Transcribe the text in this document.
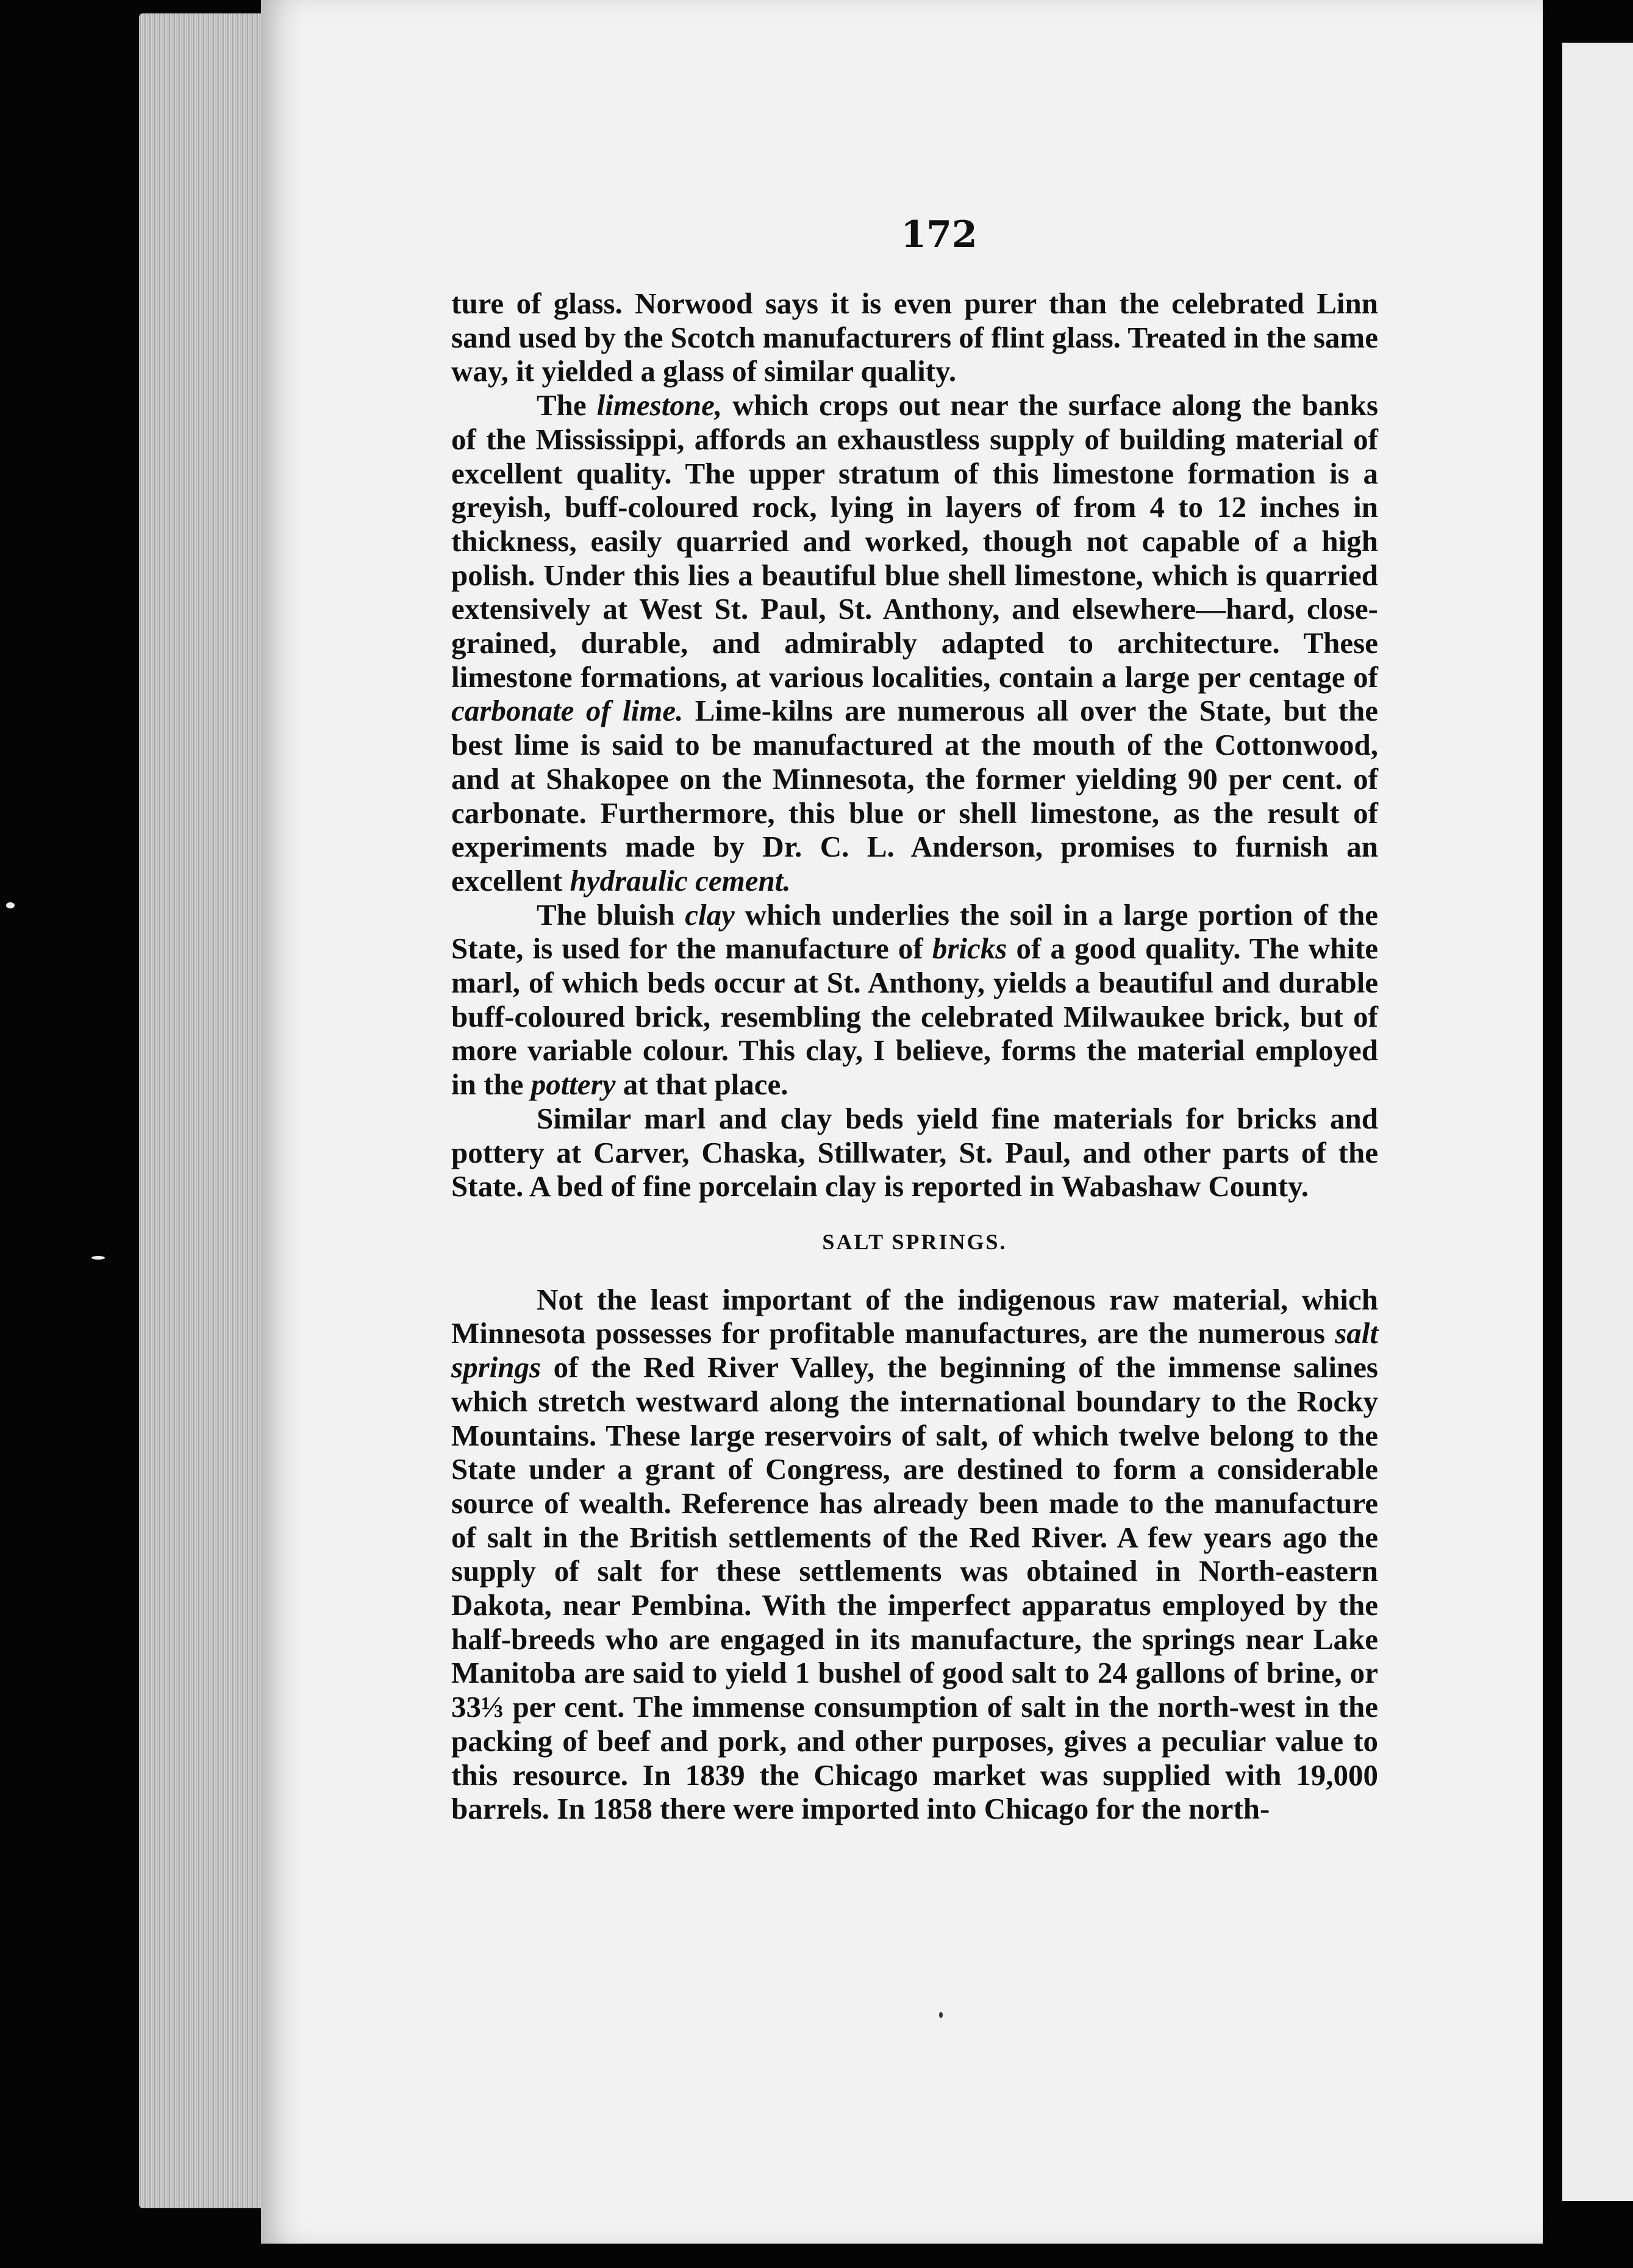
172

ture of glass. Norwood says it is even purer than the celebrated Linn sand used by the Scotch manufacturers of flint glass. Treated in the same way, it yielded a glass of similar quality.

The limestone, which crops out near the surface along the banks of the Mississippi, affords an exhaustless supply of building material of excellent quality. The upper stratum of this limestone formation is a greyish, buff-coloured rock, lying in layers of from 4 to 12 inches in thickness, easily quarried and worked, though not capable of a high polish. Under this lies a beautiful blue shell limestone, which is quarried extensively at West St. Paul, St. Anthony, and elsewhere—hard, close-grained, durable, and admirably adapted to architecture. These limestone formations, at various localities, contain a large per centage of carbonate of lime. Lime-kilns are numerous all over the State, but the best lime is said to be manufactured at the mouth of the Cottonwood, and at Shakopee on the Minnesota, the former yielding 90 per cent. of carbonate. Furthermore, this blue or shell limestone, as the result of experiments made by Dr. C. L. Anderson, promises to furnish an excellent hydraulic cement.

The bluish clay which underlies the soil in a large portion of the State, is used for the manufacture of bricks of a good quality. The white marl, of which beds occur at St. Anthony, yields a beautiful and durable buff-coloured brick, resembling the celebrated Milwaukee brick, but of more variable colour. This clay, I believe, forms the material employed in the pottery at that place.

Similar marl and clay beds yield fine materials for bricks and pottery at Carver, Chaska, Stillwater, St. Paul, and other parts of the State. A bed of fine porcelain clay is reported in Wabashaw County.

SALT SPRINGS.

Not the least important of the indigenous raw material, which Minnesota possesses for profitable manufactures, are the numerous salt springs of the Red River Valley, the beginning of the immense salines which stretch westward along the international boundary to the Rocky Mountains. These large reservoirs of salt, of which twelve belong to the State under a grant of Congress, are destined to form a considerable source of wealth. Reference has already been made to the manufacture of salt in the British settlements of the Red River. A few years ago the supply of salt for these settlements was obtained in North-eastern Dakota, near Pembina. With the imperfect apparatus employed by the half-breeds who are engaged in its manufacture, the springs near Lake Manitoba are said to yield 1 bushel of good salt to 24 gallons of brine, or 33⅓ per cent. The immense consumption of salt in the north-west in the packing of beef and pork, and other purposes, gives a peculiar value to this resource. In 1839 the Chicago market was supplied with 19,000 barrels. In 1858 there were imported into Chicago for the north-
